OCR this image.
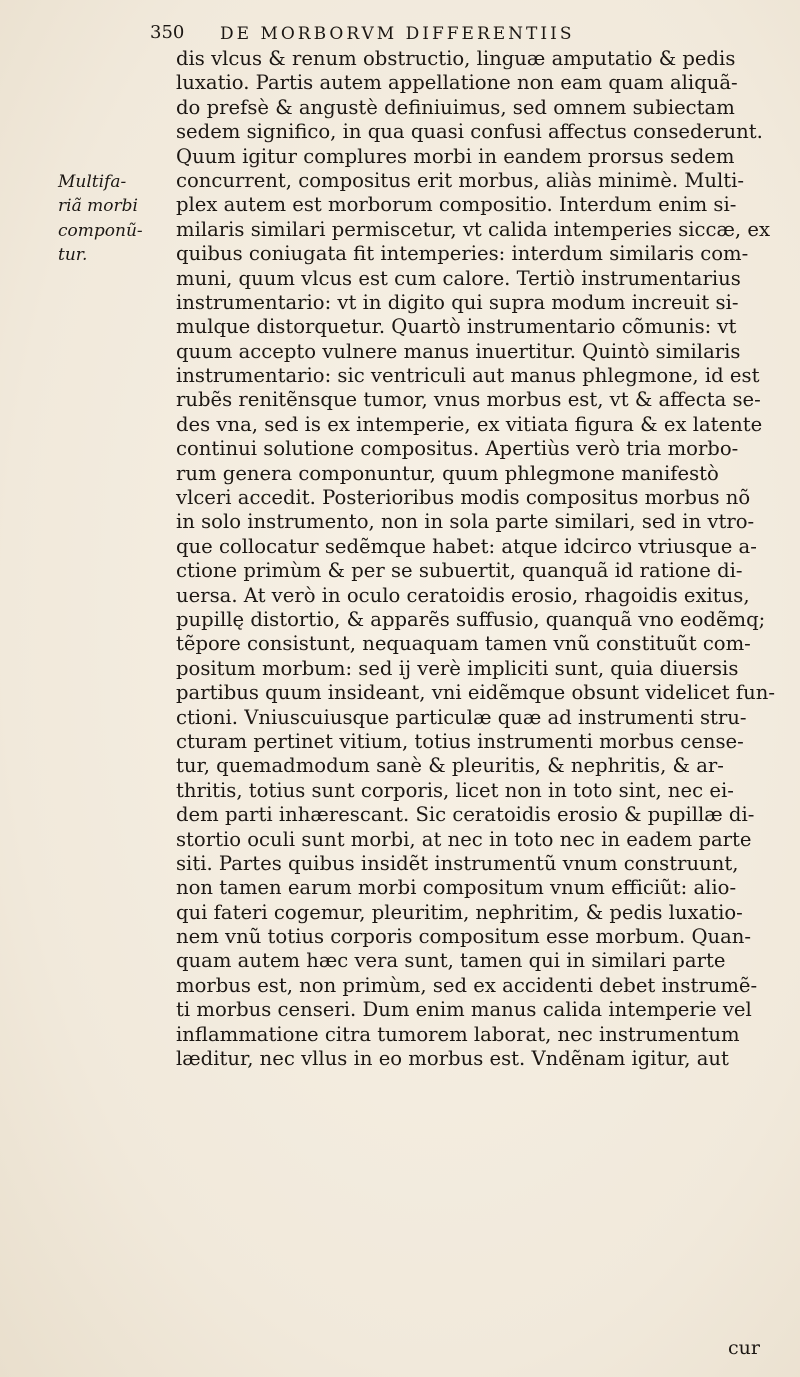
350 DE MORBORVM DIFFERENTIIS
Multifa-
riã morbi
componũ-
tur.
dis vlcus & renum obstructio, linguæ amputatio & pedis
luxatio. Partis autem appellatione non eam quam aliquã-
do prefsè & angustè definiuimus, sed omnem subiectam
sedem significo, in qua quasi confusi affectus consederunt.
Quum igitur complures morbi in eandem prorsus sedem
concurrent, compositus erit morbus, aliàs minimè. Multi-
plex autem est morborum compositio. Interdum enim si-
milaris similari permiscetur, vt calida intemperies siccæ, ex
quibus coniugata fit intemperies: interdum similaris com-
muni, quum vlcus est cum calore. Tertiò instrumentarius
instrumentario: vt in digito qui supra modum increuit si-
mulque distorquetur. Quartò instrumentario cõmunis: vt
quum accepto vulnere manus inuertitur. Quintò similaris
instrumentario: sic ventriculi aut manus phlegmone, id est
rubẽs renitẽnsque tumor, vnus morbus est, vt & affecta se-
des vna, sed is ex intemperie, ex vitiata figura & ex latente
continui solutione compositus. Apertiùs verò tria morbo-
rum genera componuntur, quum phlegmone manifestò
vlceri accedit. Posterioribus modis compositus morbus nõ
in solo instrumento, non in sola parte similari, sed in vtro-
que collocatur sedẽmque habet: atque idcirco vtriusque a-
ctione primùm & per se subuertit, quanquã id ratione di-
uersa. At verò in oculo ceratoidis erosio, rhagoidis exitus,
pupillę distortio, & apparẽs suffusio, quanquã vno eodẽmq;
tẽpore consistunt, nequaquam tamen vnũ constituũt com-
positum morbum: sed ij verè impliciti sunt, quia diuersis
partibus quum insideant, vni eidẽmque obsunt videlicet fun-
ctioni. Vniuscuiusque particulæ quæ ad instrumenti stru-
cturam pertinet vitium, totius instrumenti morbus cense-
tur, quemadmodum sanè & pleuritis, & nephritis, & ar-
thritis, totius sunt corporis, licet non in toto sint, nec ei-
dem parti inhærescant. Sic ceratoidis erosio & pupillæ di-
stortio oculi sunt morbi, at nec in toto nec in eadem parte
siti. Partes quibus insidẽt instrumentũ vnum construunt,
non tamen earum morbi compositum vnum efficiũt: alio-
qui fateri cogemur, pleuritim, nephritim, & pedis luxatio-
nem vnũ totius corporis compositum esse morbum. Quan-
quam autem hæc vera sunt, tamen qui in similari parte
morbus est, non primùm, sed ex accidenti debet instrumẽ-
ti morbus censeri. Dum enim manus calida intemperie vel
inflammatione citra tumorem laborat, nec instrumentum
læditur, nec vllus in eo morbus est. Vndẽnam igitur, aut
cur
